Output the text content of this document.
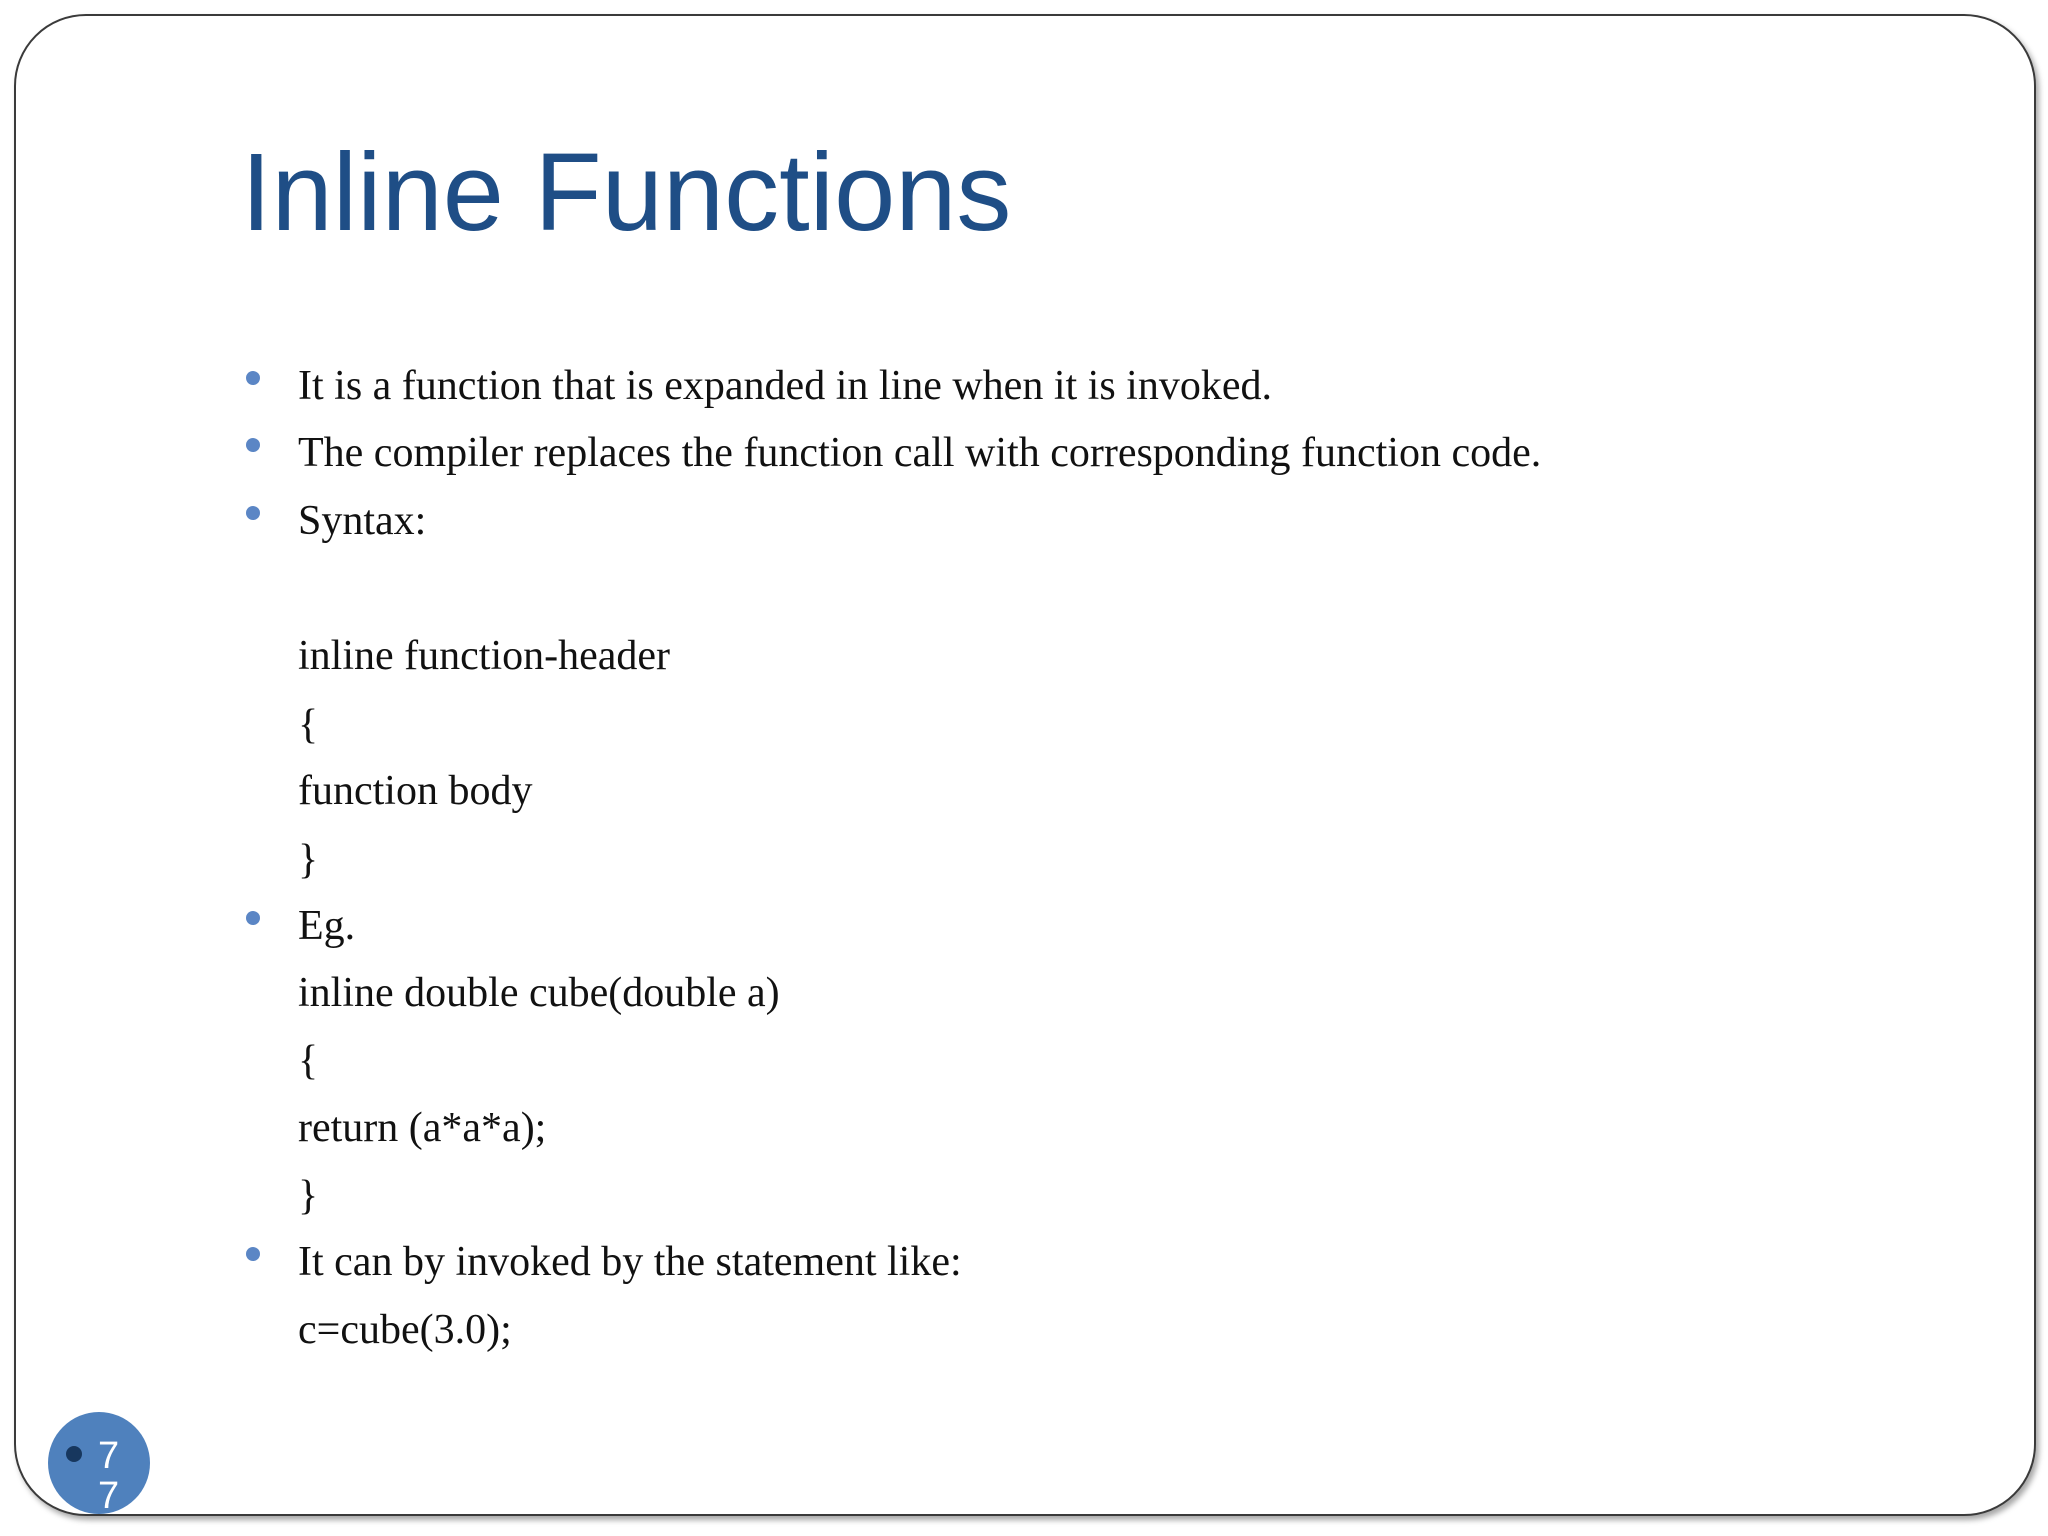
Inline Functions
It is a function that is expanded in line when it is invoked.
The compiler replaces the function call with corresponding function code.
Syntax:
inline function-header
{
function body
}
Eg.
inline double cube(double a)
{
return (a*a*a);
}
It can by invoked by the statement like:
c=cube(3.0);
77
